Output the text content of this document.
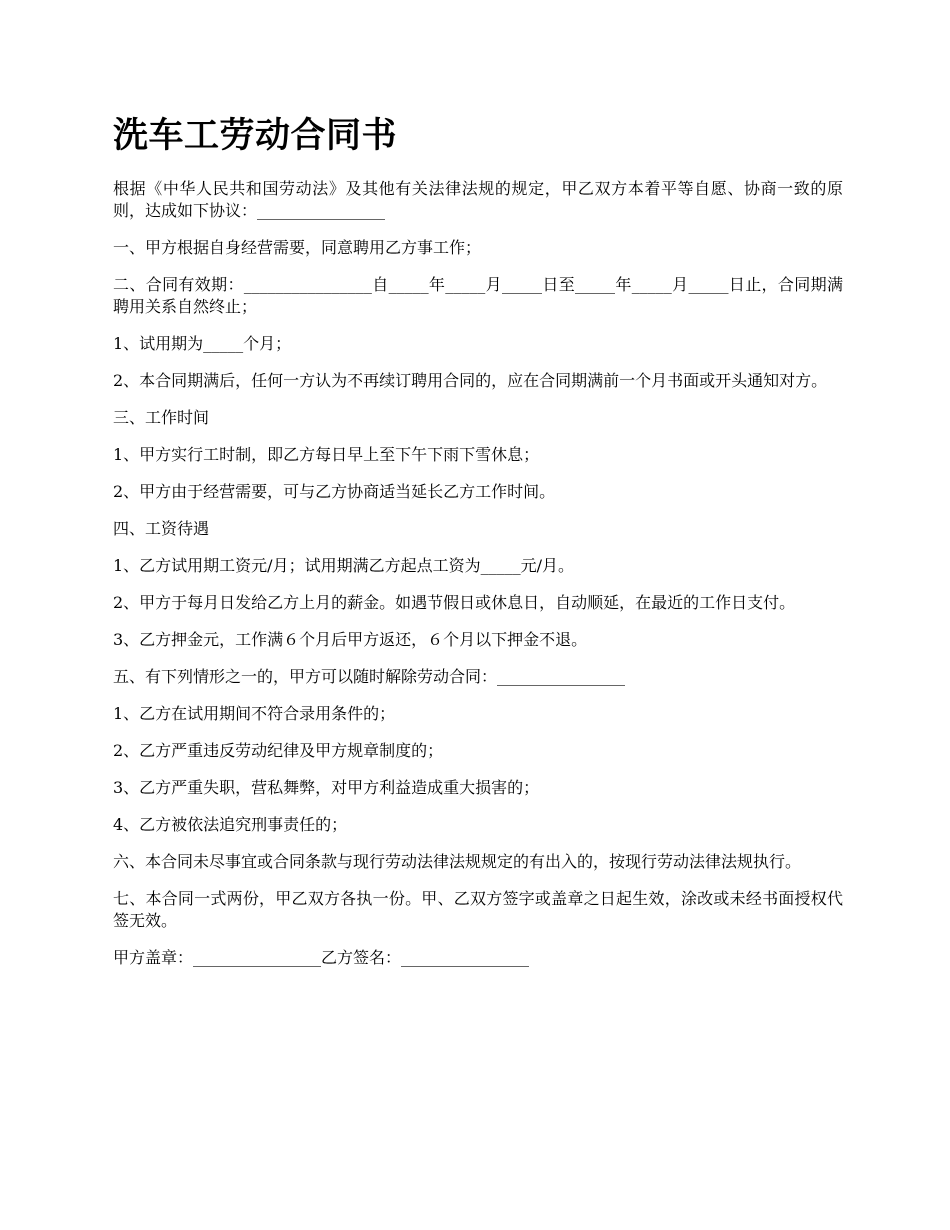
洗车工劳动合同书

根据《中华人民共和国劳动法》及其他有关法律法规的规定，甲乙双方本着平等自愿、协商一致的原则，达成如下协议：________________

一、甲方根据自身经营需要，同意聘用乙方事工作；

二、合同有效期：________________自_____年_____月_____日至_____年_____月_____日止，合同期满聘用关系自然终止；

1、试用期为_____个月；

2、本合同期满后，任何一方认为不再续订聘用合同的，应在合同期满前一个月书面或开头通知对方。

三、工作时间

1、甲方实行工时制，即乙方每日早上至下午下雨下雪休息；

2、甲方由于经营需要，可与乙方协商适当延长乙方工作时间。

四、工资待遇

1、乙方试用期工资元/月；试用期满乙方起点工资为_____元/月。

2、甲方于每月日发给乙方上月的薪金。如遇节假日或休息日，自动顺延，在最近的工作日支付。

3、乙方押金元，工作满６个月后甲方返还，６个月以下押金不退。

五、有下列情形之一的，甲方可以随时解除劳动合同：________________

1、乙方在试用期间不符合录用条件的；

2、乙方严重违反劳动纪律及甲方规章制度的；

3、乙方严重失职，营私舞弊，对甲方利益造成重大损害的；

4、乙方被依法追究刑事责任的；

六、本合同未尽事宜或合同条款与现行劳动法律法规规定的有出入的，按现行劳动法律法规执行。

七、本合同一式两份，甲乙双方各执一份。甲、乙双方签字或盖章之日起生效，涂改或未经书面授权代签无效。

甲方盖章：________________乙方签名：________________
